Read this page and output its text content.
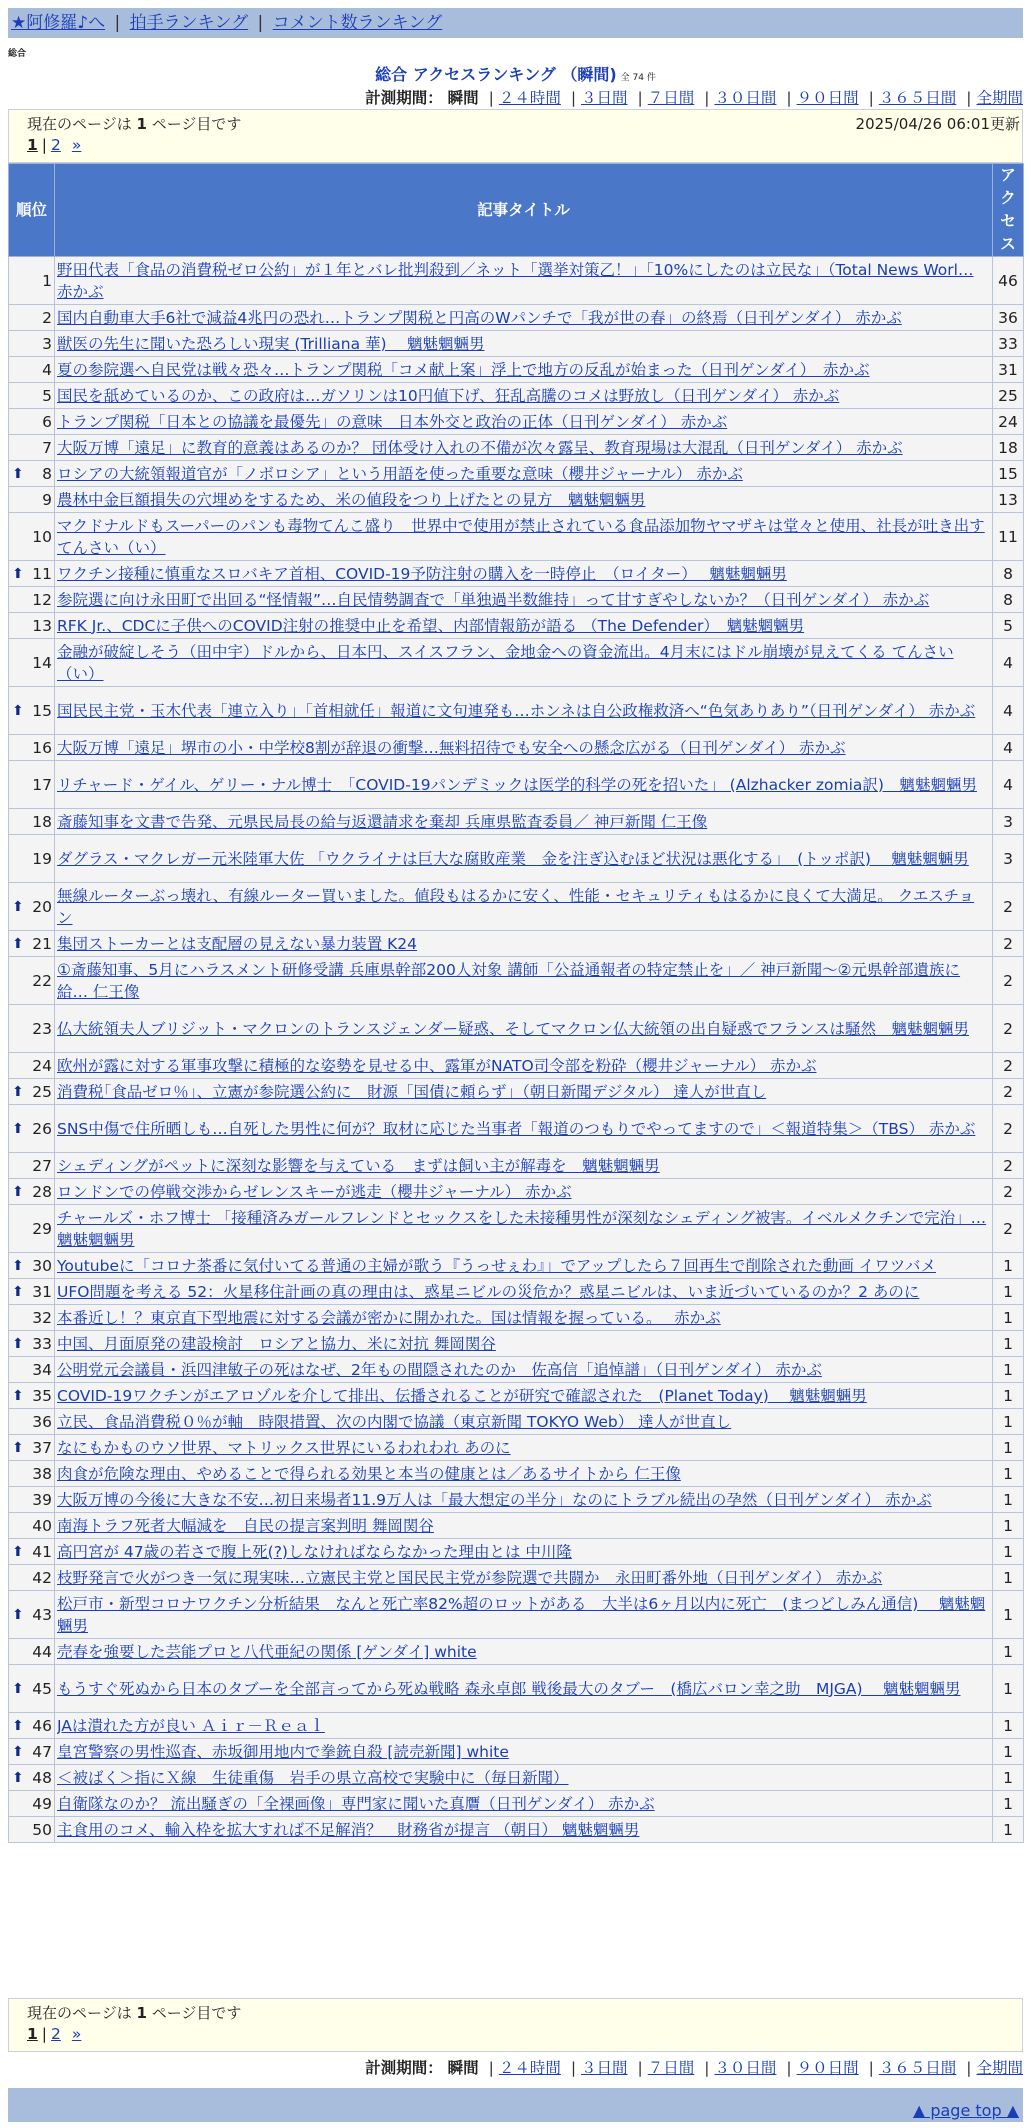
★阿修羅♪へ | 拍手ランキング | コメント数ランキング
総合
総合 アクセスランキング （瞬間) 全 74 件
計測期間： 瞬間 | ２４時間 | ３日間 | ７日間 | ３０日間 | ９０日間 | ３６５日間 | 全期間
現在のページは 1 ページ目です	2025/04/26 06:01更新
1 | 2 »
順位	記事タイトル	アクセス
1	野田代表「食品の消費税ゼロ公約」が１年とバレ批判殺到／ネット「選挙対策乙！」「10%にしたのは立民な」（Total News Worl… 赤かぶ	46
2	国内自動車大手6社で減益4兆円の恐れ…トランプ関税と円高のWパンチで「我が世の春」の終焉（日刊ゲンダイ） 赤かぶ	36
3	獣医の先生に聞いた恐ろしい現実 (Trilliana 華)　 魑魅魍魎男	33
4	夏の参院選へ自民党は戦々恐々…トランプ関税「コメ献上案」浮上で地方の反乱が始まった（日刊ゲンダイ）　赤かぶ	31
5	国民を舐めているのか、この政府は…ガソリンは10円値下げ、狂乱高騰のコメは野放し（日刊ゲンダイ） 赤かぶ	25
6	トランプ関税「日本との協議を最優先」の意味　日本外交と政治の正体（日刊ゲンダイ） 赤かぶ	24
7	大阪万博「遠足」に教育的意義はあるのか？ 団体受け入れの不備が次々露呈、教育現場は大混乱（日刊ゲンダイ） 赤かぶ	18

⬆ 8	ロシアの大統領報道官が「ノボロシア」という用語を使った重要な意味（櫻井ジャーナル） 赤かぶ	15
9	農林中金巨額損失の穴埋めをするため、米の値段をつり上げたとの見方　魑魅魍魎男	13
10	マクドナルドもスーパーのパンも毒物てんこ盛り　世界中で使用が禁止されている食品添加物ヤマザキは堂々と使用、社長が吐き出す てんさい（い）	11

⬆ 11	ワクチン接種に慎重なスロバキア首相、COVID-19予防注射の購入を一時停止　（ロイター）　 魑魅魍魎男	8
12	参院選に向け永田町で出回る“怪情報”…自民情勢調査で「単独過半数維持」って甘すぎやしないか？（日刊ゲンダイ） 赤かぶ	8
13	RFK Jr.、CDCに子供へのCOVID注射の推奨中止を希望、内部情報筋が語る （The Defender）　魑魅魍魎男	5
14	金融が破綻しそう（田中宇）ドルから、日本円、スイスフラン、金地金への資金流出。4月末にはドル崩壊が見えてくる てんさい（い）	4

⬆ 15	国民民主党・玉木代表「連立入り」「首相就任」報道に文句連発も…ホンネは自公政権救済へ“色気ありあり”（日刊ゲンダイ） 赤かぶ	4
16	大阪万博「遠足」堺市の小・中学校8割が辞退の衝撃…無料招待でも安全への懸念広がる（日刊ゲンダイ） 赤かぶ	4
17	リチャード・ゲイル、ゲリー・ナル博士　「COVID-19パンデミックは医学的科学の死を招いた」 (Alzhacker zomia訳)　魑魅魍魎男	4
18	斎藤知事を文書で告発、元県民局長の給与返還請求を棄却 兵庫県監査委員／ 神戸新聞 仁王像	3
19	ダグラス・マクレガー元米陸軍大佐 「ウクライナは巨大な腐敗産業　金を注ぎ込むほど状況は悪化する」　(トッポ訳)　 魑魅魍魎男	3

⬆ 20	無線ルーターぶっ壊れ、有線ルーター買いました。値段もはるかに安く、性能・セキュリティもはるかに良くて大満足。 クエスチョン	2

⬆ 21	集団ストーカーとは支配層の見えない暴力装置 K24	2
22	①斎藤知事、5月にハラスメント研修受講 兵庫県幹部200人対象 講師「公益通報者の特定禁止を」／ 神戸新聞～②元県幹部遺族に給… 仁王像	2
23	仏大統領夫人ブリジット・マクロンのトランスジェンダー疑惑、そしてマクロン仏大統領の出自疑惑でフランスは騒然　魑魅魍魎男	2
24	欧州が露に対する軍事攻撃に積極的な姿勢を見せる中、露軍がNATO司令部を粉砕（櫻井ジャーナル） 赤かぶ	2

⬆ 25	消費税｢食品ゼロ％｣、立憲が参院選公約に　財源「国債に頼らず」（朝日新聞デジタル） 達人が世直し	2

⬆ 26	SNS中傷で住所晒しも…自死した男性に何が？取材に応じた当事者「報道のつもりでやってますので」＜報道特集＞（TBS） 赤かぶ	2
27	シェディングがペットに深刻な影響を与えている　まずは飼い主が解毒を　魑魅魍魎男	2

⬆ 28	ロンドンでの停戦交渉からゼレンスキーが逃走（櫻井ジャーナル） 赤かぶ	2
29	チャールズ・ホフ博士 「接種済みガールフレンドとセックスをした未接種男性が深刻なシェディング被害。イベルメクチンで完治」… 魑魅魍魎男	2

⬆ 30	Youtubeに「コロナ茶番に気付いてる普通の主婦が歌う『うっせぇわ』」でアップしたら７回再生で削除された動画 イワツバメ	1

⬆ 31	UFO問題を考える 52：火星移住計画の真の理由は、惑星ニビルの災危か？惑星ニビルは、いま近づいているのか？2 あのに	1
32	本番近し！？東京直下型地震に対する会議が密かに開かれた。国は情報を握っている。　 赤かぶ	1

⬆ 33	中国、月面原発の建設検討　ロシアと協力、米に対抗 舞岡関谷	1
34	公明党元会議員・浜四津敏子の死はなぜ、2年もの間隠されたのか　佐高信「追悼譜」（日刊ゲンダイ） 赤かぶ	1

⬆ 35	COVID-19ワクチンがエアロゾルを介して排出、伝播されることが研究で確認された　(Planet Today)　 魑魅魍魎男	1
36	立民、食品消費税０％が軸　時限措置、次の内閣で協議（東京新聞 TOKYO Web） 達人が世直し	1

⬆ 37	なにもかものウソ世界、マトリックス世界にいるわれわれ あのに	1
38	肉食が危険な理由、やめることで得られる効果と本当の健康とは／あるサイトから 仁王像	1
39	大阪万博の今後に大きな不安…初日来場者11.9万人は「最大想定の半分」なのにトラブル続出の孕然（日刊ゲンダイ） 赤かぶ	1
40	南海トラフ死者大幅減を　自民の提言案判明 舞岡関谷	1

⬆ 41	高円宮が 47歳の若さで腹上死(?)しなければならなかった理由とは 中川隆	1
42	枝野発言で火がつき一気に現実味…立憲民主党と国民民主党が参院選で共闘か　永田町番外地（日刊ゲンダイ） 赤かぶ	1

⬆ 43	松戸市・新型コロナワクチン分析結果　なんと死亡率82%超のロットがある　大半は6ヶ月以内に死亡　(まつどしみん通信)　 魑魅魍魎男	1
44	売春を強要した芸能プロと八代亜紀の関係 [ゲンダイ] white	1

⬆ 45	もうすぐ死ぬから日本のタブーを全部言ってから死ぬ戦略 森永卓郎 戦後最大のタブー　(橋広バロン幸之助　MJGA)　 魑魅魍魎男	1

⬆ 46	JAは潰れた方が良い Ａｉｒ－Ｒｅａｌ	1

⬆ 47	皇宮警察の男性巡査、赤坂御用地内で拳銃自殺 [読売新聞] white	1

⬆ 48	＜被ばく＞指にＸ線　生徒重傷　岩手の県立高校で実験中に（毎日新聞）	1
49	自衛隊なのか？ 流出騒ぎの「全裸画像」専門家に聞いた真贋（日刊ゲンダイ） 赤かぶ	1
50	主食用のコメ、輸入枠を拡大すれば不足解消？　財務省が提言 （朝日） 魑魅魍魎男	1
現在のページは 1 ページ目です
1 | 2 »
計測期間： 瞬間 | ２４時間 | ３日間 | ７日間 | ３０日間 | ９０日間 | ３６５日間 | 全期間
▲ page top ▲
